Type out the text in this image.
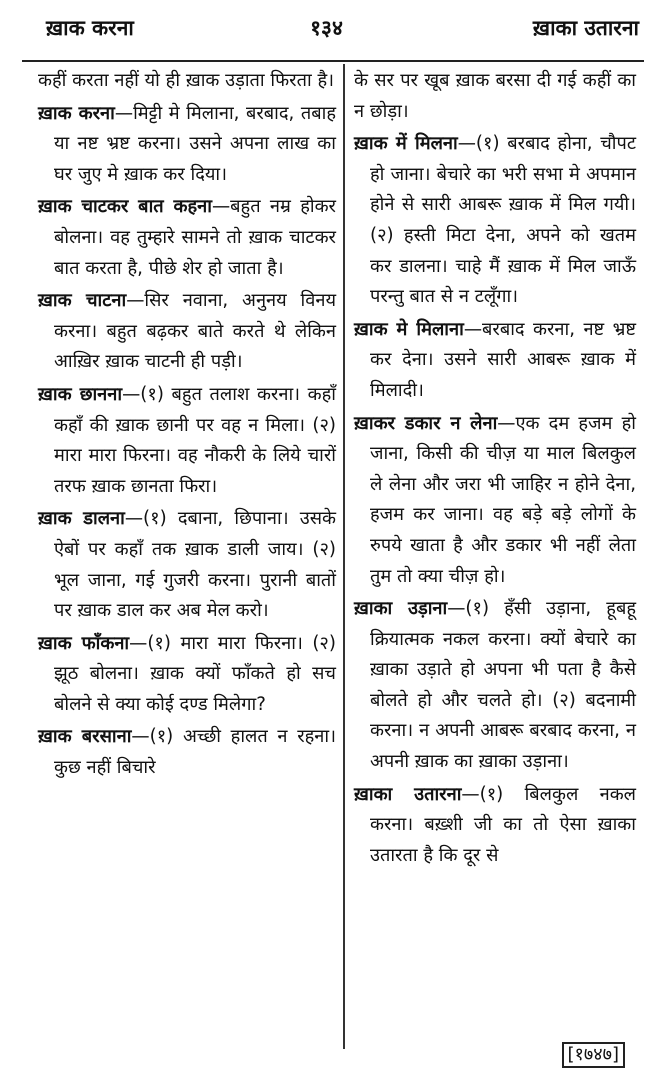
ख़ाक करना	१३४	ख़ाका उतारना

कहीं करता नहीं यो ही ख़ाक उड़ाता फिरता है।

ख़ाक करना—मिट्टी मे मिलाना, बरबाद, तबाह या नष्ट भ्रष्ट करना। उसने अपना लाख का घर जुए मे ख़ाक कर दिया।

ख़ाक चाटकर बात कहना—बहुत नम्र होकर बोलना। वह तुम्हारे सामने तो ख़ाक चाटकर बात करता है, पीछे शेर हो जाता है।

ख़ाक चाटना—सिर नवाना, अनुनय विनय करना। बहुत बढ़कर बाते करते थे लेकिन आख़िर ख़ाक चाटनी ही पड़ी।

ख़ाक छानना—(१) बहुत तलाश करना। कहाँ कहाँ की ख़ाक छानी पर वह न मिला। (२) मारा मारा फिरना। वह नौकरी के लिये चारों तरफ ख़ाक छानता फिरा।

ख़ाक डालना—(१) दबाना, छिपाना। उसके ऐबों पर कहाँ तक ख़ाक डाली जाय। (२) भूल जाना, गई गुजरी करना। पुरानी बातों पर ख़ाक डाल कर अब मेल करो।

ख़ाक फाँकना—(१) मारा मारा फिरना। (२) झूठ बोलना। ख़ाक क्यों फाँकते हो सच बोलने से क्या कोई दण्ड मिलेगा?

ख़ाक बरसाना—(१) अच्छी हालत न रहना। कुछ नहीं बिचारे

के सर पर खूब ख़ाक बरसा दी गई कहीं का न छोड़ा।

ख़ाक में मिलना—(१) बरबाद होना, चौपट हो जाना। बेचारे का भरी सभा मे अपमान होने से सारी आबरू ख़ाक में मिल गयी। (२) हस्ती मिटा देना, अपने को खतम कर डालना। चाहे मैं ख़ाक में मिल जाऊँ परन्तु बात से न टलूँगा।

ख़ाक मे मिलाना—बरबाद करना, नष्ट भ्रष्ट कर देना। उसने सारी आबरू ख़ाक में मिलादी।

ख़ाकर डकार न लेना—एक दम हजम हो जाना, किसी की चीज़ या माल बिलकुल ले लेना और जरा भी जाहिर न होने देना, हजम कर जाना। वह बड़े बड़े लोगों के रुपये खाता है और डकार भी नहीं लेता तुम तो क्या चीज़ हो।

ख़ाका उड़ाना—(१) हँसी उड़ाना, हूबहू क्रियात्मक नकल करना। क्यों बेचारे का ख़ाका उड़ाते हो अपना भी पता है कैसे बोलते हो और चलते हो। (२) बदनामी करना। न अपनी आबरू बरबाद करना, न अपनी ख़ाक का ख़ाका उड़ाना।

ख़ाका उतारना—(१) बिलकुल नकल करना। बख़्शी जी का तो ऐसा ख़ाका उतारता है कि दूर से

[१७४७]
